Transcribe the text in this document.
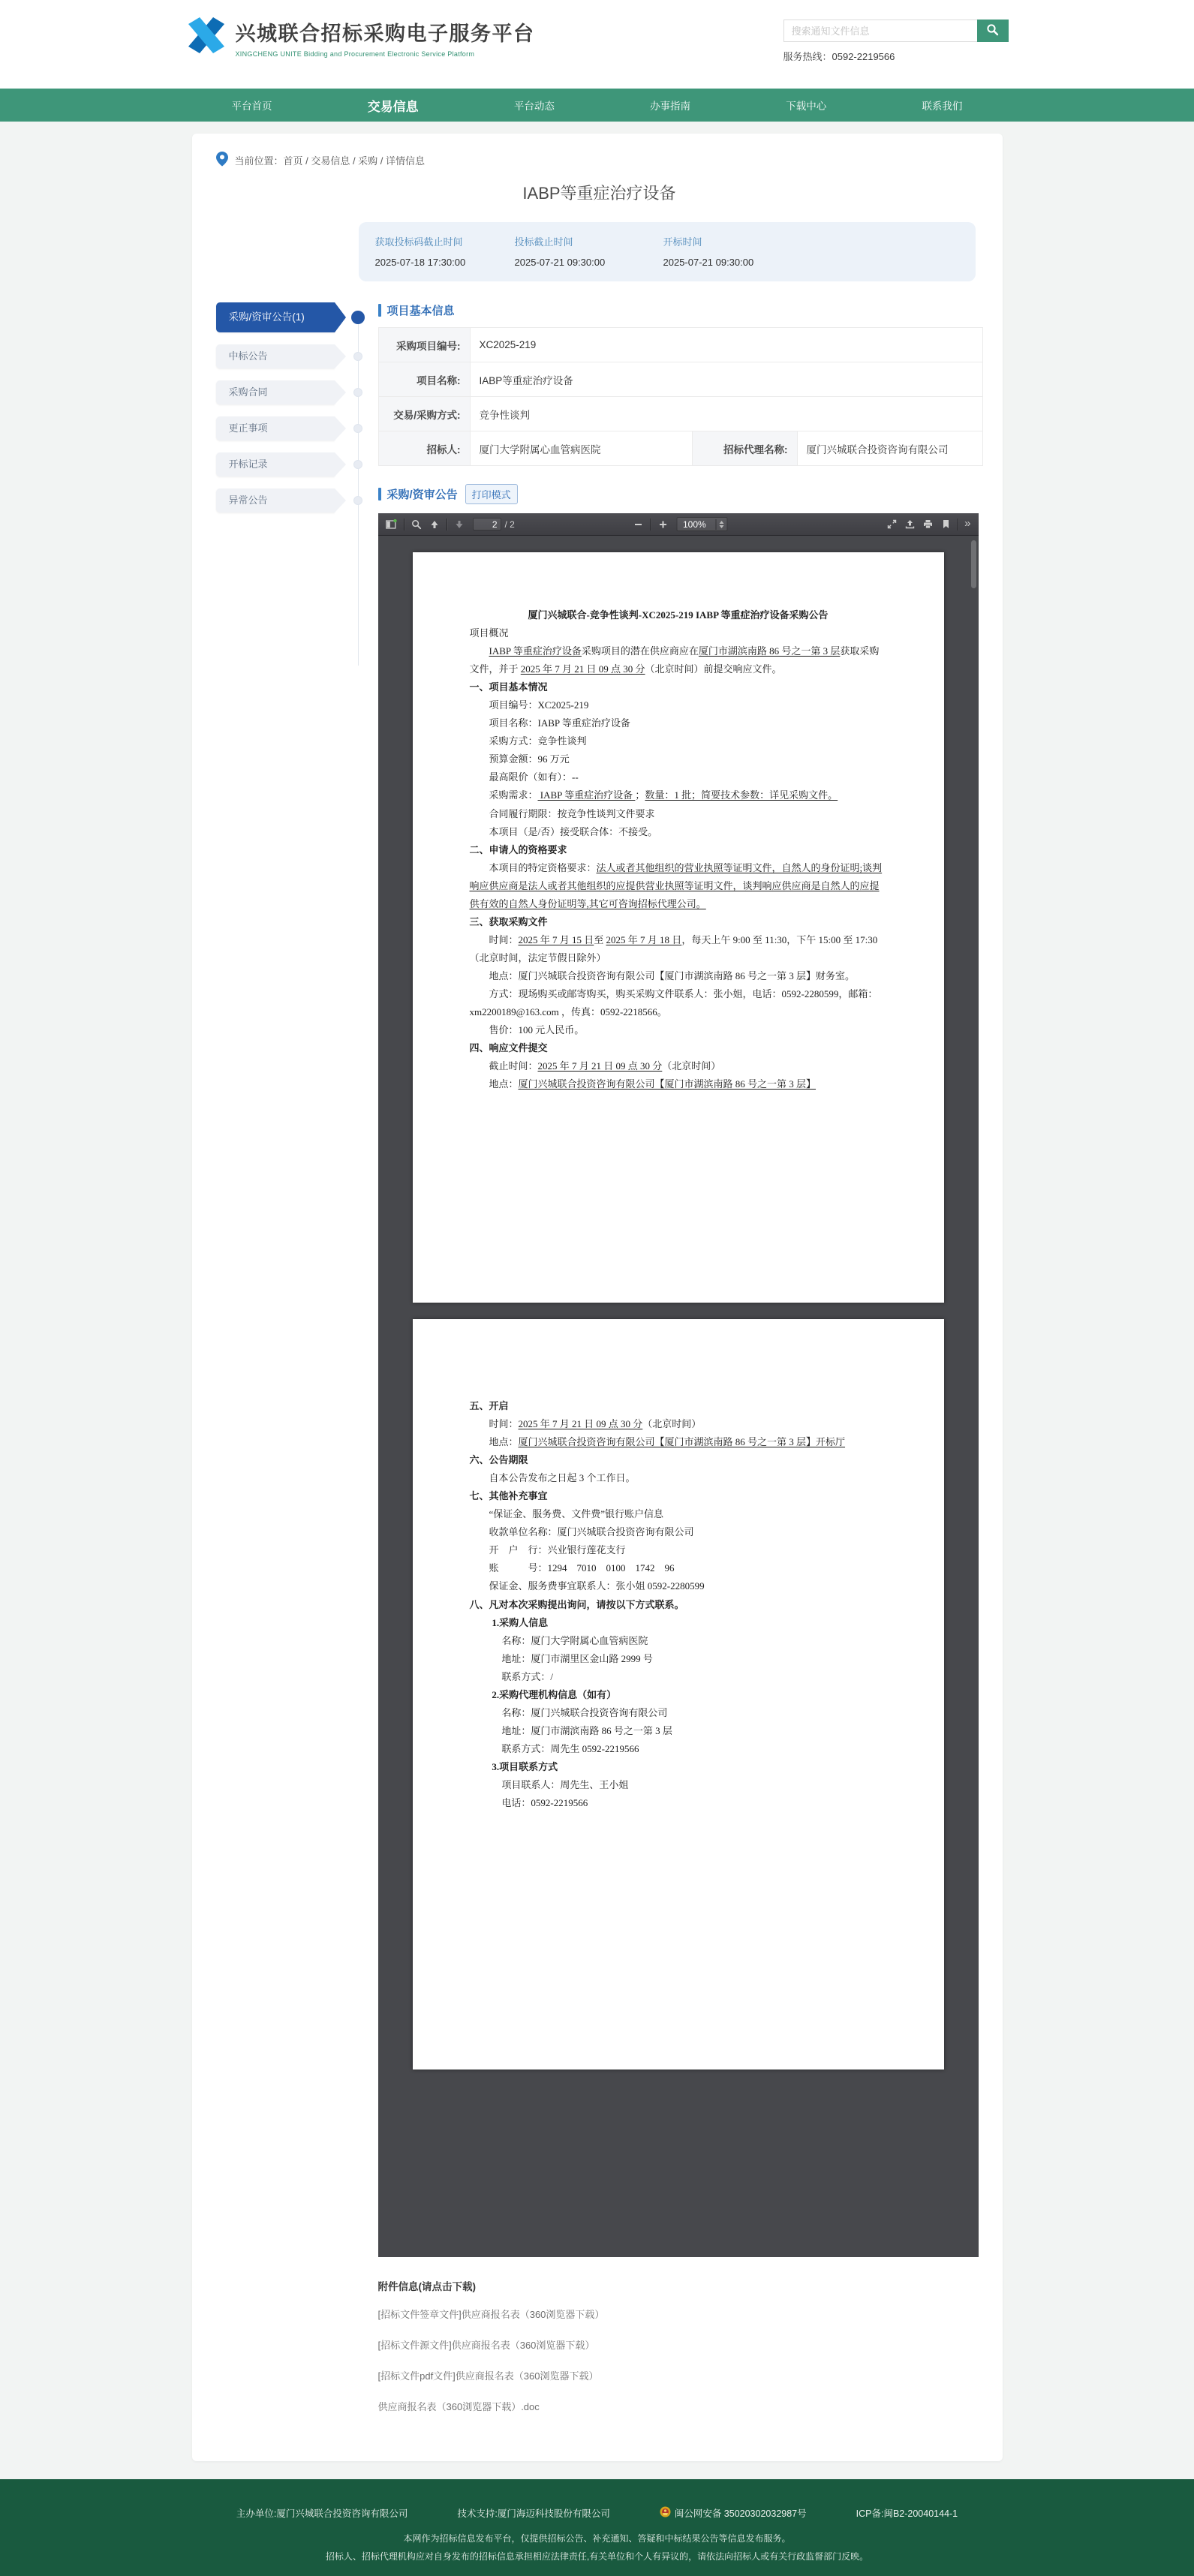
兴城联合招标采购电子服务平台
XINGCHENG UNITE Bidding and Procurement Electronic Service Platform
搜索通知文件信息	服务热线：0592-2219566
平台首页	交易信息	平台动态	办事指南	下载中心	联系我们
当前位置：首页 / 交易信息 / 采购 / 详情信息
IABP等重症治疗设备
获取投标码截止时间
2025-07-18 17:30:00
投标截止时间
2025-07-21 09:30:00
开标时间
2025-07-21 09:30:00
采购/资审公告(1)
中标公告
采购合同
更正事项
开标记录
异常公告
项目基本信息
采购项目编号:	XC2025-219		
项目名称:	IABP等重症治疗设备		
交易/采购方式:	竞争性谈判		
招标人:	厦门大学附属心血管病医院	招标代理名称:	厦门兴城联合投资咨询有限公司
采购/资审公告	打印模式
2
/ 2	100%	»

厦门兴城联合-竞争性谈判-XC2025-219 IABP 等重症治疗设备采购公告

项目概况

IABP 等重症治疗设备采购项目的潜在供应商应在厦门市湖滨南路 86 号之一第 3 层获取采购文件，并于 2025 年 7 月 21 日 09 点 30 分（北京时间）前提交响应文件。

一、项目基本情况

项目编号：XC2025-219

项目名称：IABP 等重症治疗设备

采购方式：竞争性谈判

预算金额：96 万元

最高限价（如有）：--

采购需求： IABP 等重症治疗设备 ；数量：1 批；简要技术参数：详见采购文件。

合同履行期限：按竞争性谈判文件要求

本项目（是/否）接受联合体：不接受。

二、申请人的资格要求

本项目的特定资格要求：法人或者其他组织的营业执照等证明文件，自然人的身份证明;谈判响应供应商是法人或者其他组织的应提供营业执照等证明文件，谈判响应供应商是自然人的应提供有效的自然人身份证明等,其它可咨询招标代理公司。

三、获取采购文件

时间：2025 年 7 月 15 日至 2025 年 7 月 18 日，每天上午 9:00 至 11:30，下午 15:00 至 17:30（北京时间，法定节假日除外）

地点：厦门兴城联合投资咨询有限公司【厦门市湖滨南路 86 号之一第 3 层】财务室。

方式：现场购买或邮寄购买，购买采购文件联系人：张小姐，电话：0592-2280599，邮箱：xm2200189@163.com ，传真：0592-2218566。

售价：100 元人民币。

四、响应文件提交

截止时间：2025 年 7 月 21 日 09 点 30 分（北京时间）

地点：厦门兴城联合投资咨询有限公司【厦门市湖滨南路 86 号之一第 3 层】

五、开启

时间：2025 年 7 月 21 日 09 点 30 分（北京时间）

地点：厦门兴城联合投资咨询有限公司【厦门市湖滨南路 86 号之一第 3 层】开标厅

六、公告期限

自本公告发布之日起 3 个工作日。

七、其他补充事宜

“保证金、服务费、文件费”银行账户信息

收款单位名称：厦门兴城联合投资咨询有限公司

开　户　行：兴业银行莲花支行

账　　　号：1294　7010　0100　1742　96

保证金、服务费事宜联系人：张小姐 0592-2280599

八、凡对本次采购提出询问，请按以下方式联系。

1.采购人信息

名称：厦门大学附属心血管病医院

地址：厦门市湖里区金山路 2999 号

联系方式：/

2.采购代理机构信息（如有）

名称：厦门兴城联合投资咨询有限公司

地址：厦门市湖滨南路 86 号之一第 3 层

联系方式：周先生 0592-2219566

3.项目联系方式

项目联系人：周先生、王小姐

电话：0592-2219566

附件信息(请点击下载)
[招标文件签章文件]供应商报名表（360浏览器下载）
[招标文件源文件]供应商报名表（360浏览器下载）
[招标文件pdf文件]供应商报名表（360浏览器下载）
供应商报名表（360浏览器下载）.doc
主办单位:厦门兴城联合投资咨询有限公司	技术支持:厦门海迈科技股份有限公司	闽公网安备 35020302032987号	ICP备:闽B2-20040144-1
本网作为招标信息发布平台，仅提供招标公告、补充通知、答疑和中标结果公告等信息发布服务。
招标人、招标代理机构应对自身发布的招标信息承担相应法律责任,有关单位和个人有异议的，请依法向招标人或有关行政监督部门反映。
